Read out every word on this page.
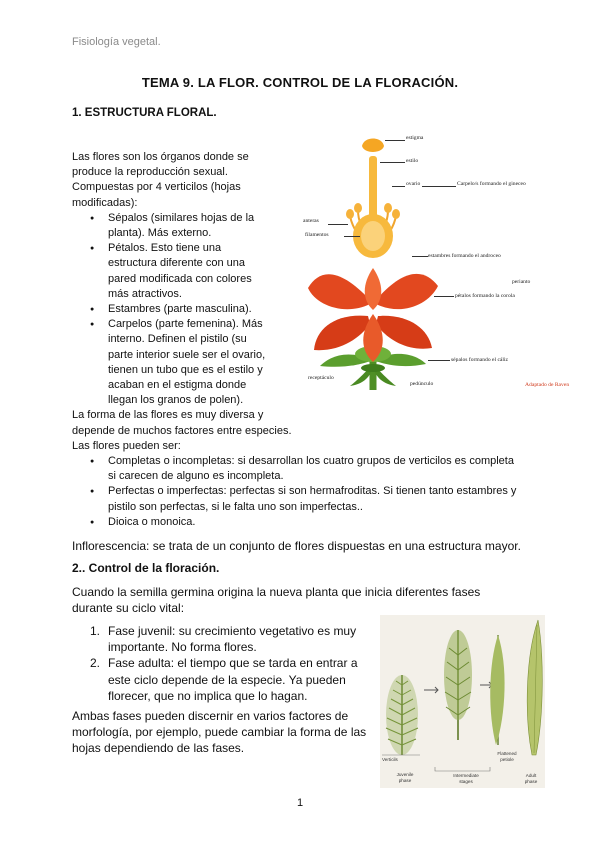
Fisiología vegetal.
TEMA 9. LA FLOR. CONTROL DE LA FLORACIÓN.
1. ESTRUCTURA FLORAL.
Las flores son los órganos donde se
produce la reproducción sexual.
Compuestas por 4 verticilos (hojas
modificadas):
● Sépalos (similares hojas de la
planta). Más externo.
● Pétalos. Esto tiene una
estructura diferente con una
pared modificada con colores
más atractivos.
● Estambres (parte masculina).
● Carpelos (parte femenina). Más
interno. Definen el pistilo (su
parte interior suele ser el ovario,
tienen un tubo que es el estilo y
acaban en el estigma donde
llegan los granos de polen).
La forma de las flores es muy diversa y
depende de muchos factores entre especies.
Las flores pueden ser:
● Completas o incompletas: si desarrollan los cuatro grupos de verticilos es completa
si carecen de alguno es incompleta.
● Perfectas o imperfectas: perfectas si son hermafroditas. Si tienen tanto estambres y
pistilo son perfectas, si le falta uno son imperfectas..
● Dioica o monoica.
Inflorescencia: se trata de un conjunto de flores dispuestas en una estructura mayor.
estigma
estilo
ovario	Carpelo/s formando el gineceo
anteras
filamentos
estambres formando el androceo
perianto
pétalos formando la corola
sépalos formando el cáliz
receptáculo
pedúnculo	Adaptado de Raven
2.. Control de la floración.
Cuando la semilla germina origina la nueva planta que inicia diferentes fases
durante su ciclo vital:
1. Fase juvenil: su crecimiento vegetativo es muy
importante. No forma flores.
2. Fase adulta: el tiempo que se tarda en entrar a
este ciclo depende de la especie. Ya pueden
florecer, que no implica que lo hagan.
Ambas fases pueden discernir en varios factores de
morfología, por ejemplo, puede cambiar la forma de las
hojas dependiendo de las fases.
Verticils
Juvenile
phase
Intermediate
stages
Flattened
petiole
Adult
phase
1
